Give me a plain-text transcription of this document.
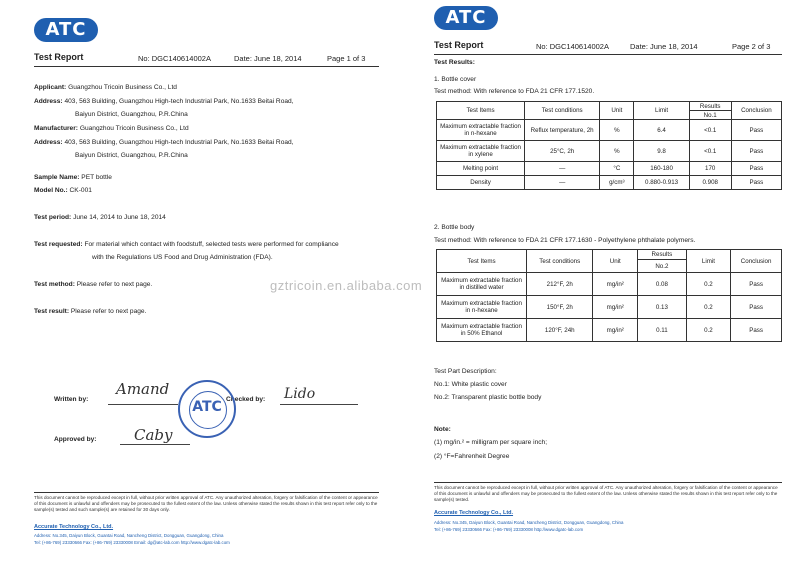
ATC
Test Report	No: DGC14061400​2A	Date: June 18, 2014	Page 1 of 3
Applicant: Guangzhou Tricoin Business Co., Ltd
Address: 403, 563 Building, Guangzhou High-tech Industrial Park, No.1633 Beitai Road,
Baiyun District, Guangzhou, P.R.China
Manufacturer: Guangzhou Tricoin Business Co., Ltd
Address: 403, 563 Building, Guangzhou High-tech Industrial Park, No.1633 Beitai Road,
Baiyun District, Guangzhou, P.R.China
Sample Name: PET bottle
Model No.: CK-001
Test period: June 14, 2014 to June 18, 2014
Test requested: For material which contact with foodstuff, selected tests were performed for compliance
with the Regulations US Food and Drug Administration (FDA).
Test method: Please refer to next page.
Test result: Please refer to next page.
Written by:
Amand
Checked by: Lido
Approved by:	Caby
ATC
This document cannot be reproduced except in full, without prior written approval of ATC. Any unauthorized alteration, forgery or falsification of the content or appearance of this document is unlawful and offenders may be prosecuted to the fullest extent of the law. Unless otherwise stated the results shown in this test report refer only to the sample(s) tested and such sample(s) are retained for 30 days only.
Accurate Technology Co., Ltd.
Address: No.345, Daiyun Block, Guantai Road, Nancheng District, Dongguan, Guangdong, China
Tel: (+86-769) 23330666 Fax: (+86-769) 23330008 Email: dg@atc-lab.com http://www.dgatc-lab.com
ATC
Test Report	No: DGC140614002A	Date: June 18, 2014	Page 2 of 3
Test Results:
1. Bottle cover
Test method: With reference to FDA 21 CFR 177.1520.
Test Items	Test conditions	Unit	Limit	Results	Conclusion
				No.1	
Maximum extractable fraction in n-hexane	Reflux temperature, 2h	%	6.4	<0.1	Pass
Maximum extractable fraction in xylene	25°C, 2h	%	9.8	<0.1	Pass
Melting point	—	°C	160-180	170	Pass
Density	—	g/cm³	0.880-0.913	0.908	Pass
2. Bottle body
Test method: With reference to FDA 21 CFR 177.1630 - Polyethylene phthalate polymers.
Test Items	Test conditions	Unit	Results	Limit	Conclusion
			No.2		
Maximum extractable fraction in distilled water	212°F, 2h	mg/in²	0.08	0.2	Pass
Maximum extractable fraction in n-hexane	150°F, 2h	mg/in²	0.13	0.2	Pass
Maximum extractable fraction in 50% Ethanol	120°F, 24h	mg/in²	0.11	0.2	Pass
Test Part Description:
No.1: White plastic cover
No.2: Transparent plastic bottle body
Note:
(1) mg/in.² = milligram per square inch;
(2) °F=Fahrenheit Degree
This document cannot be reproduced except in full, without prior written approval of ATC. Any unauthorized alteration, forgery or falsification of the content or appearance of this document is unlawful and offenders may be prosecuted to the fullest extent of the law. Unless otherwise stated the results shown in this test report refer only to the sample(s) tested.
Accurate Technology Co., Ltd.
Address: No.345, Daiyun Block, Guantai Road, Nancheng District, Dongguan, Guangdong, China
Tel: (+86-769) 23330666 Fax: (+86-769) 23330008 http://www.dgatc-lab.com
gztricoin.en.alibaba.com
